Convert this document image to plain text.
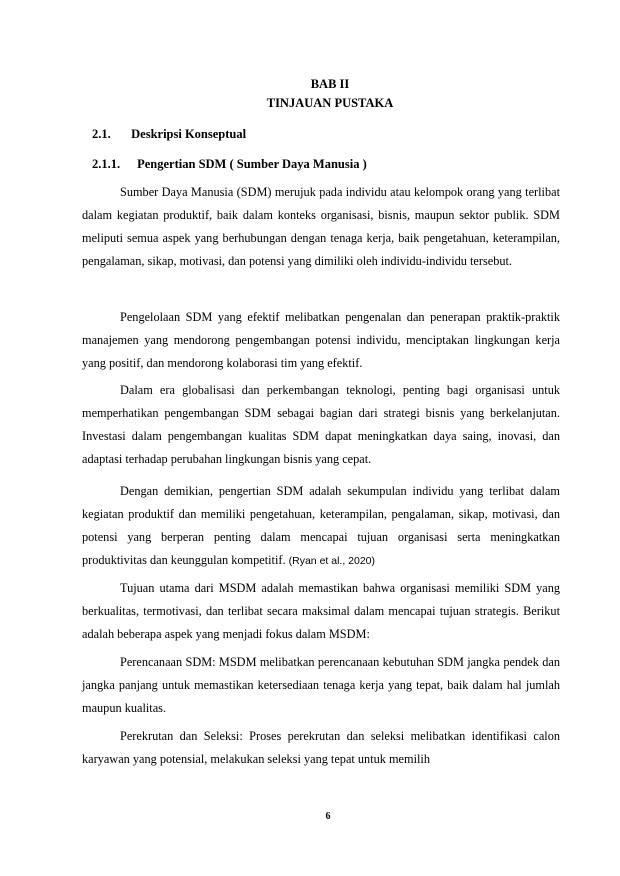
BAB II
TINJAUAN PUSTAKA
2.1. Deskripsi Konseptual
2.1.1. Pengertian SDM ( Sumber Daya Manusia )

Sumber Daya Manusia (SDM) merujuk pada individu atau kelompok orang yang terlibat dalam kegiatan produktif, baik dalam konteks organisasi, bisnis, maupun sektor publik. SDM meliputi semua aspek yang berhubungan dengan tenaga kerja, baik pengetahuan, keterampilan, pengalaman, sikap, motivasi, dan potensi yang dimiliki oleh individu-individu tersebut.

Pengelolaan SDM yang efektif melibatkan pengenalan dan penerapan praktik-praktik manajemen yang mendorong pengembangan potensi individu, menciptakan lingkungan kerja yang positif, dan mendorong kolaborasi tim yang efektif.

Dalam era globalisasi dan perkembangan teknologi, penting bagi organisasi untuk memperhatikan pengembangan SDM sebagai bagian dari strategi bisnis yang berkelanjutan. Investasi dalam pengembangan kualitas SDM dapat meningkatkan daya saing, inovasi, dan adaptasi terhadap perubahan lingkungan bisnis yang cepat.

Dengan demikian, pengertian SDM adalah sekumpulan individu yang terlibat dalam kegiatan produktif dan memiliki pengetahuan, keterampilan, pengalaman, sikap, motivasi, dan potensi yang berperan penting dalam mencapai tujuan organisasi serta meningkatkan produktivitas dan keunggulan kompetitif. (Ryan et al., 2020)

Tujuan utama dari MSDM adalah memastikan bahwa organisasi memiliki SDM yang berkualitas, termotivasi, dan terlibat secara maksimal dalam mencapai tujuan strategis. Berikut adalah beberapa aspek yang menjadi fokus dalam MSDM:

Perencanaan SDM: MSDM melibatkan perencanaan kebutuhan SDM jangka pendek dan jangka panjang untuk memastikan ketersediaan tenaga kerja yang tepat, baik dalam hal jumlah maupun kualitas.

Perekrutan dan Seleksi: Proses perekrutan dan seleksi melibatkan identifikasi calon karyawan yang potensial, melakukan seleksi yang tepat untuk memilih

6
